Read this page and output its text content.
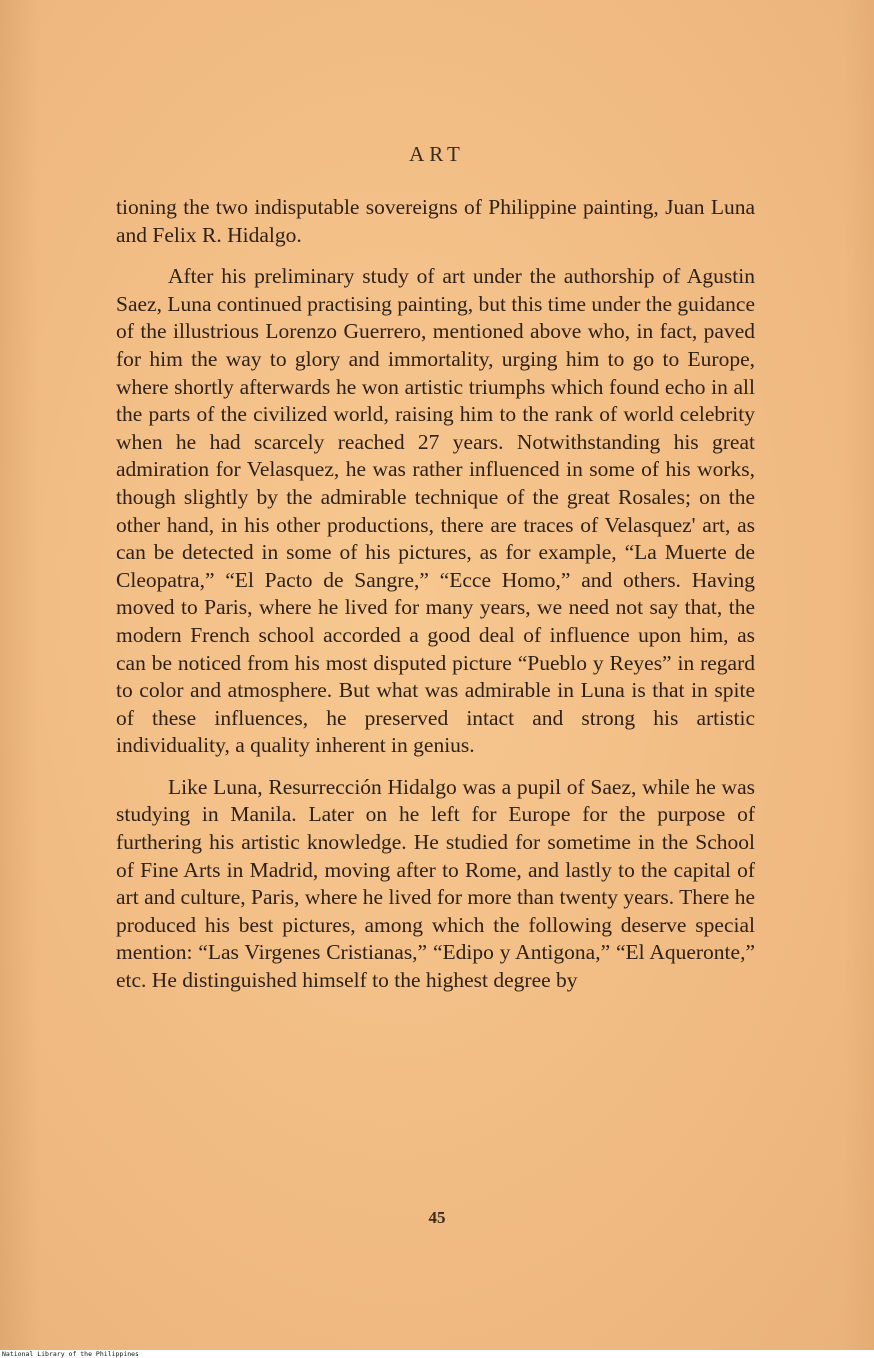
ART

tioning the two indisputable sovereigns of Philippine painting, Juan Luna and Felix R. Hidalgo.

After his preliminary study of art under the authorship of Agustin Saez, Luna continued practising painting, but this time under the guidance of the illustrious Lorenzo Guerrero, mentioned above who, in fact, paved for him the way to glory and immortality, urging him to go to Europe, where shortly afterwards he won artistic triumphs which found echo in all the parts of the civilized world, raising him to the rank of world celebrity when he had scarcely reached 27 years. Notwithstanding his great admiration for Velasquez, he was rather influenced in some of his works, though slightly by the admirable technique of the great Rosales; on the other hand, in his other productions, there are traces of Velasquez' art, as can be detected in some of his pictures, as for example, “La Muerte de Cleopatra,” “El Pacto de Sangre,” “Ecce Homo,” and others. Having moved to Paris, where he lived for many years, we need not say that, the modern French school accorded a good deal of influence upon him, as can be noticed from his most disputed picture “Pueblo y Reyes” in regard to color and atmosphere. But what was admirable in Luna is that in spite of these influences, he preserved intact and strong his artistic individuality, a quality inherent in genius.

Like Luna, Resurrección Hidalgo was a pupil of Saez, while he was studying in Manila. Later on he left for Europe for the purpose of furthering his artistic knowledge. He studied for sometime in the School of Fine Arts in Madrid, moving after to Rome, and lastly to the capital of art and culture, Paris, where he lived for more than twenty years. There he produced his best pictures, among which the following deserve special mention: “Las Virgenes Cristianas,” “Edipo y Antigona,” “El Aqueronte,” etc. He distinguished himself to the highest degree by

45
National Library of the Philippines
